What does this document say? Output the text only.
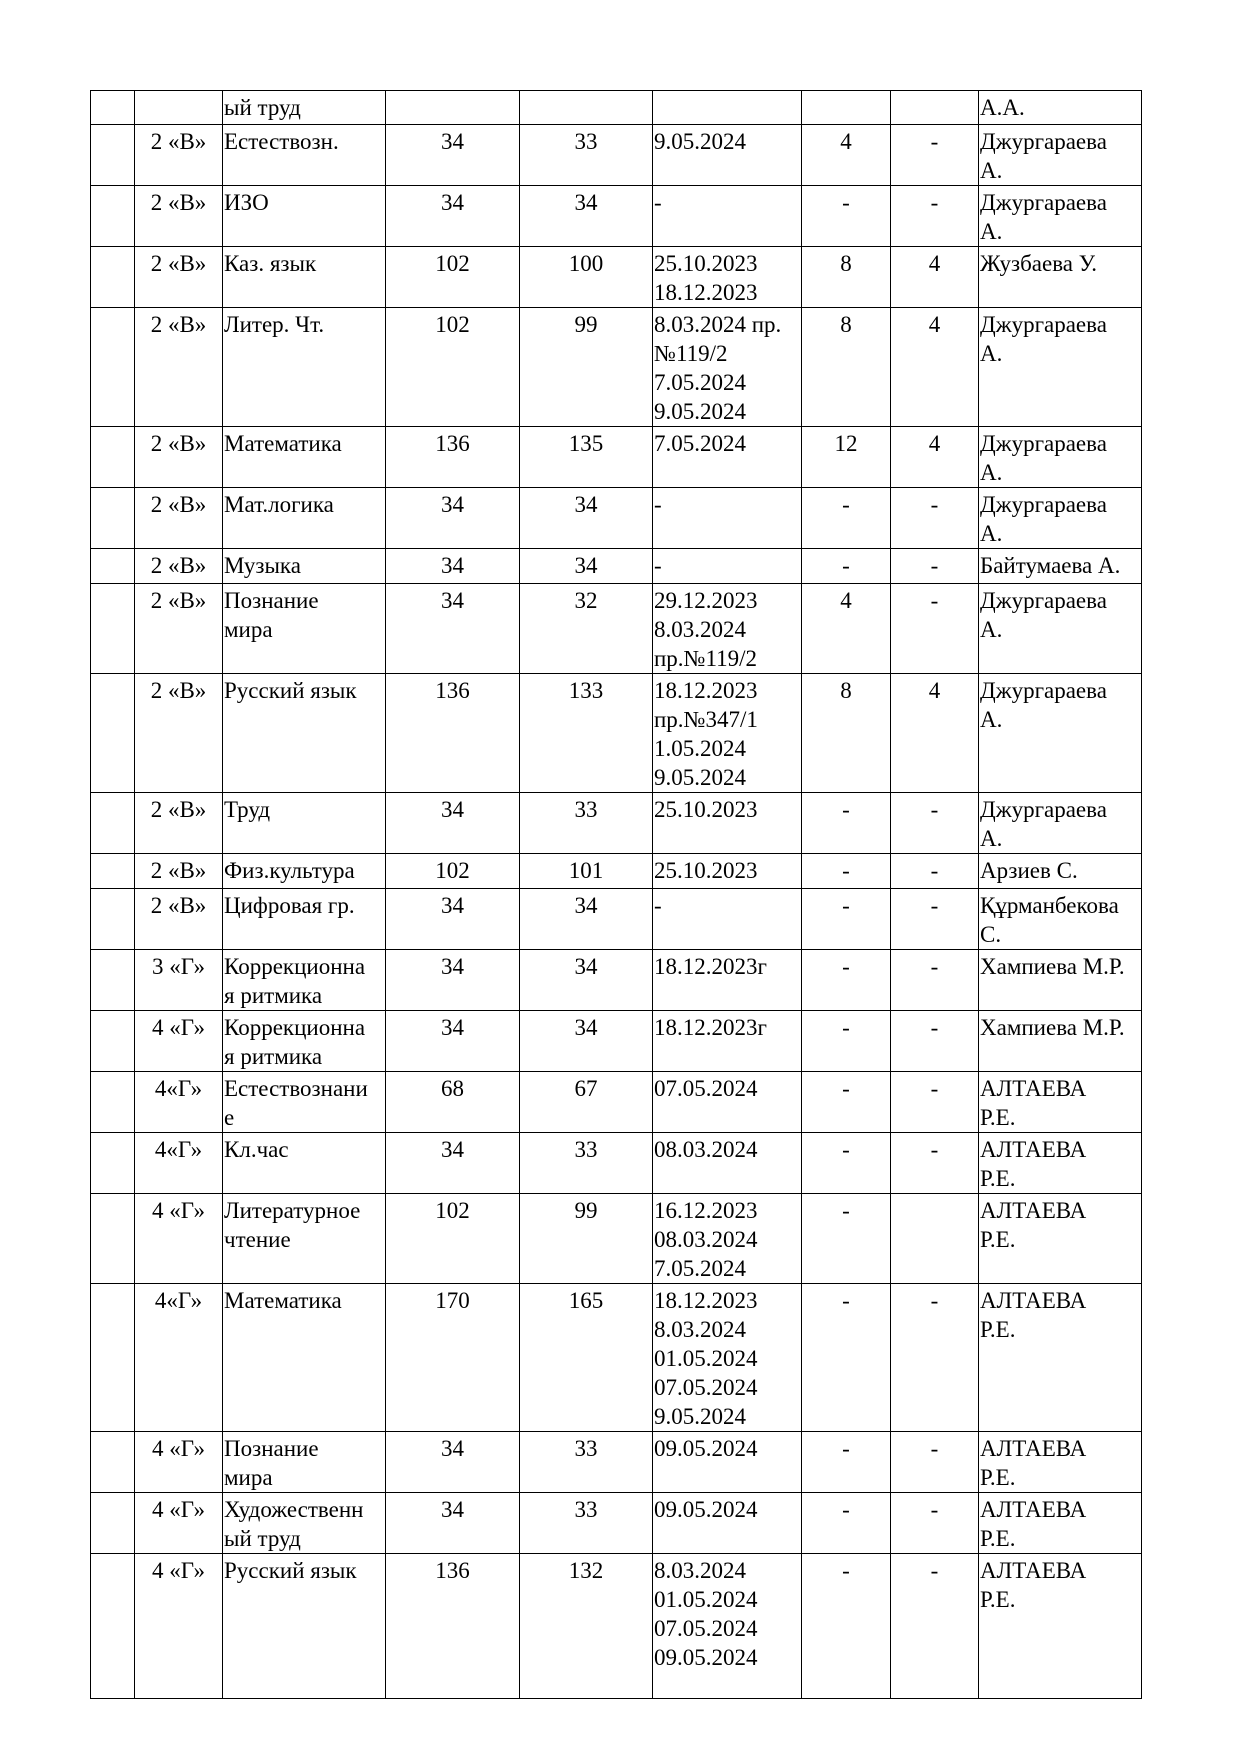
		ый труд						А.А.
	2 «В»	Естествозн.	34	33	9.05.2024	4	-	Джургараева
А.
	2 «В»	ИЗО	34	34	-	-	-	Джургараева
А.
	2 «В»	Каз. язык	102	100	25.10.2023
18.12.2023	8	4	Жузбаева У.
	2 «В»	Литер. Чт.	102	99	8.03.2024 пр.
№119/2
7.05.2024
9.05.2024	8	4	Джургараева
А.
	2 «В»	Математика	136	135	7.05.2024	12	4	Джургараева
А.
	2 «В»	Мат.логика	34	34	-	-	-	Джургараева
А.
	2 «В»	Музыка	34	34	-	-	-	Байтумаева А.
	2 «В»	Познание
мира	34	32	29.12.2023
8.03.2024
пр.№119/2	4	-	Джургараева
А.
	2 «В»	Русский язык	136	133	18.12.2023
пр.№347/1
1.05.2024
9.05.2024	8	4	Джургараева
А.
	2 «В»	Труд	34	33	25.10.2023	-	-	Джургараева
А.
	2 «В»	Физ.культура	102	101	25.10.2023	-	-	Арзиев С.
	2 «В»	Цифровая гр.	34	34	-	-	-	Құрманбекова
С.
	3 «Г»	Коррекционна
я ритмика	34	34	18.12.2023г	-	-	Хампиева М.Р.
	4 «Г»	Коррекционна
я ритмика	34	34	18.12.2023г	-	-	Хампиева М.Р.
	4«Г»	Естествознани
е	68	67	07.05.2024	-	-	АЛТАЕВА
Р.Е.
	4«Г»	Кл.час	34	33	08.03.2024	-	-	АЛТАЕВА
Р.Е.
	4 «Г»	Литературное
чтение	102	99	16.12.2023
08.03.2024
7.05.2024	-		АЛТАЕВА
Р.Е.
	4«Г»	Математика	170	165	18.12.2023
8.03.2024
01.05.2024
07.05.2024
9.05.2024	-	-	АЛТАЕВА
Р.Е.
	4 «Г»	Познание
мира	34	33	09.05.2024	-	-	АЛТАЕВА
Р.Е.
	4 «Г»	Художественн
ый труд	34	33	09.05.2024	-	-	АЛТАЕВА
Р.Е.
	4 «Г»	Русский язык	136	132	8.03.2024
01.05.2024
07.05.2024
09.05.2024	-	-	АЛТАЕВА
Р.Е.
